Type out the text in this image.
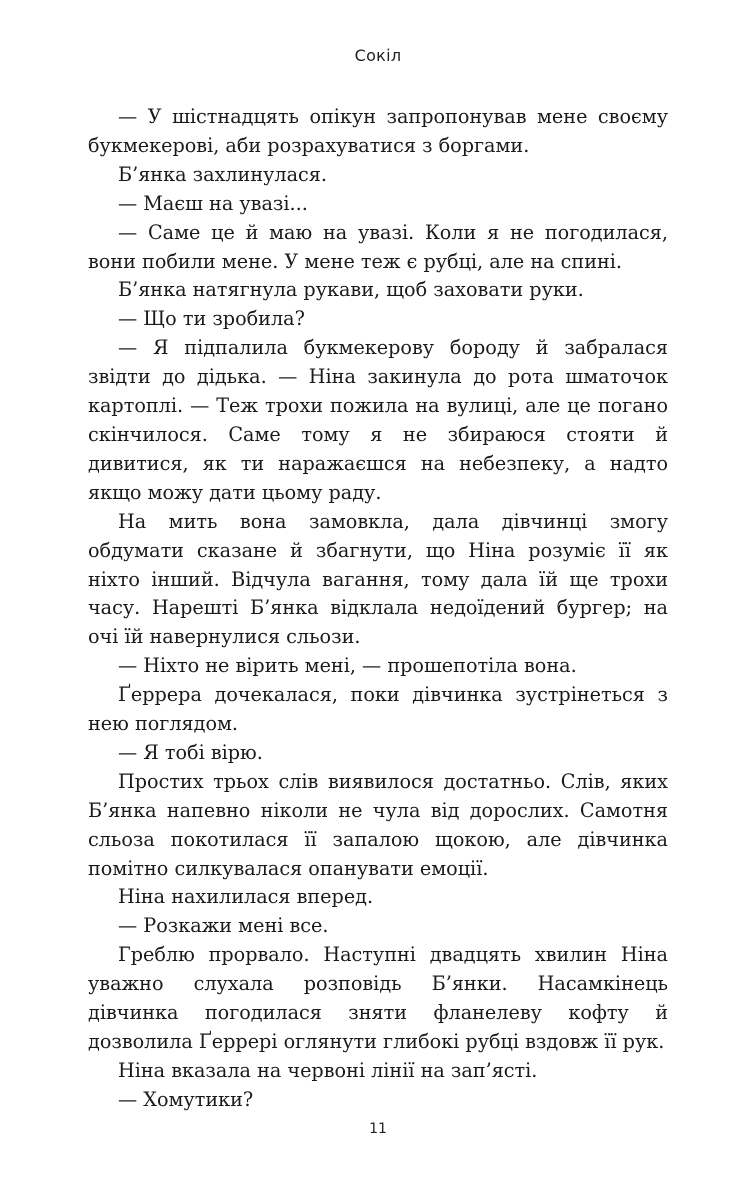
Сокіл

— У шістнадцять опікун запропонував мене своєму букмекерові, аби розрахуватися з боргами.

Б’янка захлинулася.

— Маєш на увазі...

— Саме це й маю на увазі. Коли я не погодилася, вони побили мене. У мене теж є рубці, але на спині.

Б’янка натягнула рукави, щоб заховати руки.

— Що ти зробила?

— Я підпалила букмекерову бороду й забралася звідти до дідька. — Ніна закинула до рота шматочок картоплі. — Теж трохи пожила на вулиці, але це погано скінчилося. Саме тому я не збираюся стояти й дивитися, як ти наражаєшся на небезпеку, а надто якщо можу дати цьому раду.

На мить вона замовкла, дала дівчинці змогу обдумати сказане й збагнути, що Ніна розуміє її як ніхто інший. Відчула вагання, тому дала їй ще трохи часу. Нарешті Б’янка відклала недоїдений бургер; на очі їй навернулися сльози.

— Ніхто не вірить мені, — прошепотіла вона.

Ґеррера дочекалася, поки дівчинка зустрінеться з нею поглядом.

— Я тобі вірю.

Простих трьох слів виявилося достатньо. Слів, яких Б’янка напевно ніколи не чула від дорослих. Самотня сльоза покотилася її запалою щокою, але дівчинка помітно силкувалася опанувати емоції.

Ніна нахилилася вперед.

— Розкажи мені все.

Греблю прорвало. Наступні двадцять хвилин Ніна уважно слухала розповідь Б’янки. Насамкінець дівчинка погодилася зняти фланелеву кофту й дозволила Ґеррері оглянути глибокі рубці вздовж її рук.

Ніна вказала на червоні лінії на зап’ясті.

— Хомутики?

11
